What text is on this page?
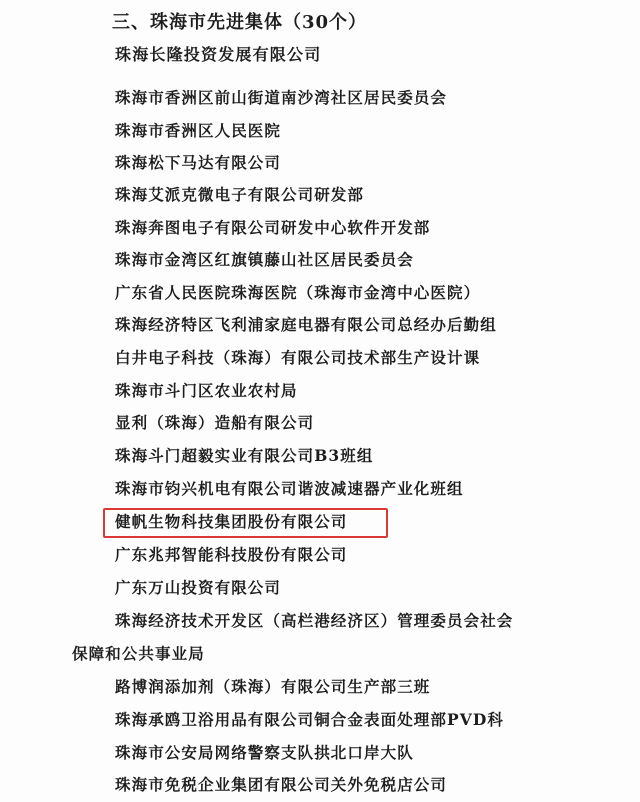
三、珠海市先进集体（30个）
珠海长隆投资发展有限公司
珠海市香洲区前山街道南沙湾社区居民委员会
珠海市香洲区人民医院
珠海松下马达有限公司
珠海艾派克微电子有限公司研发部
珠海奔图电子有限公司研发中心软件开发部
珠海市金湾区红旗镇藤山社区居民委员会
广东省人民医院珠海医院（珠海市金湾中心医院）
珠海经济特区飞利浦家庭电器有限公司总经办后勤组
白井电子科技（珠海）有限公司技术部生产设计课
珠海市斗门区农业农村局
显利（珠海）造船有限公司
珠海斗门超毅实业有限公司B3班组
珠海市钧兴机电有限公司谐波减速器产业化班组
健帆生物科技集团股份有限公司
广东兆邦智能科技股份有限公司
广东万山投资有限公司
珠海经济技术开发区（高栏港经济区）管理委员会社会
保障和公共事业局
路博润添加剂（珠海）有限公司生产部三班
珠海承鸥卫浴用品有限公司铜合金表面处理部PVD科
珠海市公安局网络警察支队拱北口岸大队
珠海市免税企业集团有限公司关外免税店公司
